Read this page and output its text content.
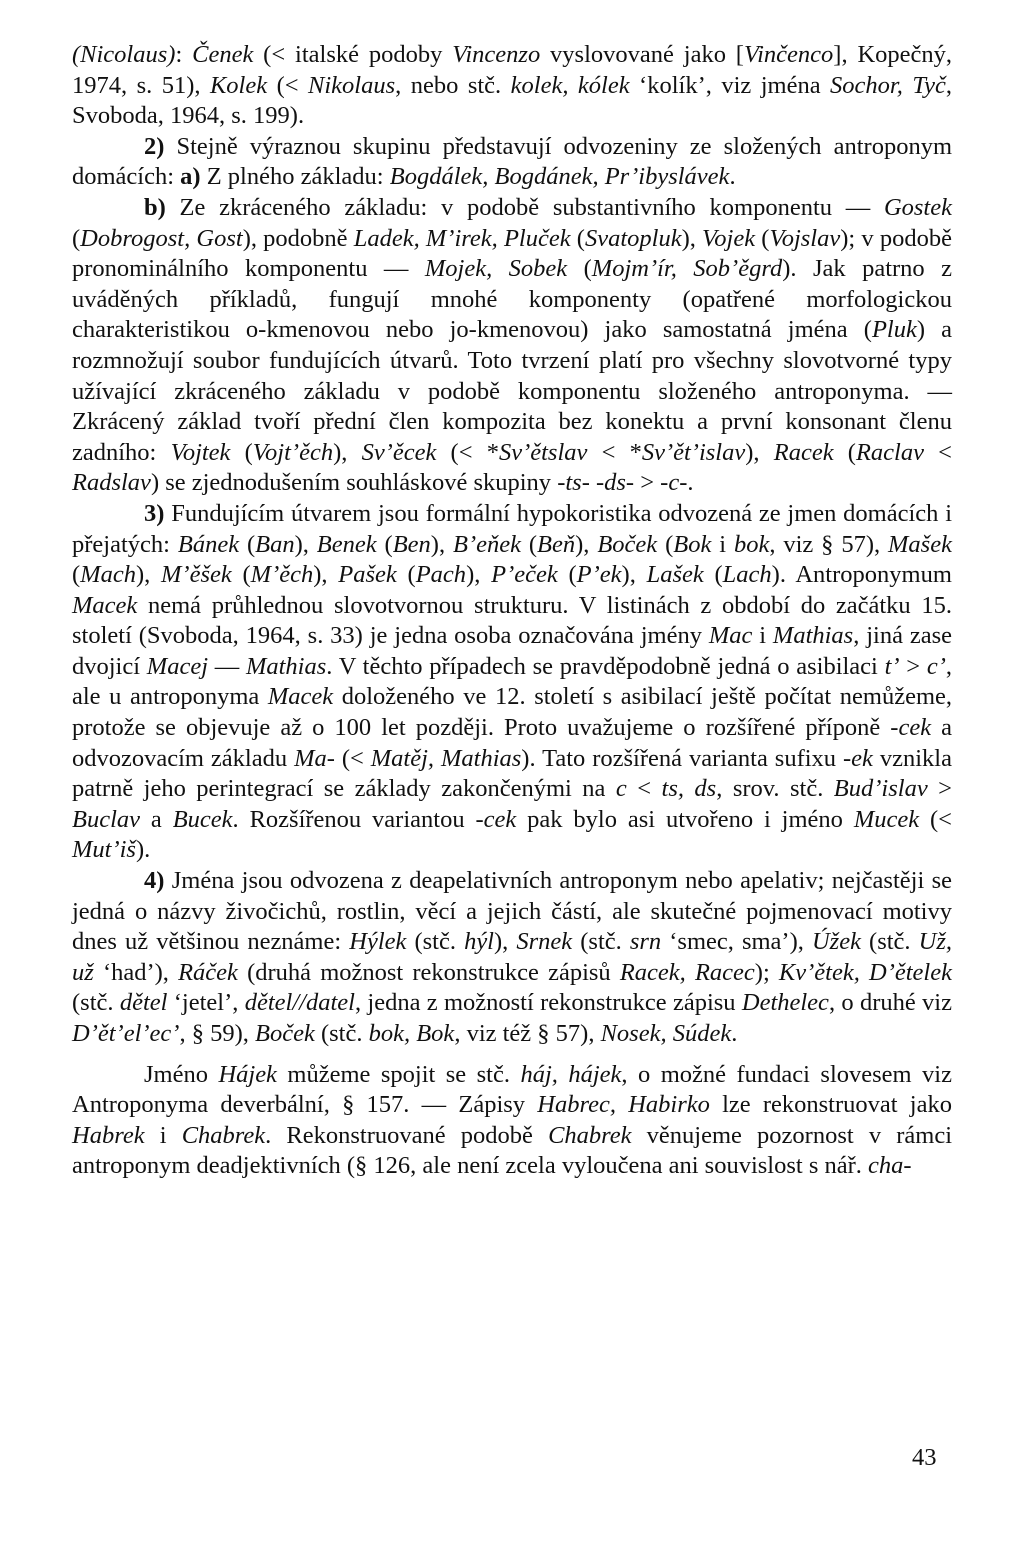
(Nicolaus): Čenek (< italské podoby Vincenzo vyslovované jako [Vinčenco], Kopečný, 1974, s. 51), Kolek (< Nikolaus, nebo stč. kolek, kólek ‘kolík’, viz jména Sochor, Tyč, Svoboda, 1964, s. 199).

2) Stejně výraznou skupinu představují odvozeniny ze složených antroponym domácích: a) Z plného základu: Bogdálek, Bogdánek, Pr’ibyslávek.

b) Ze zkráceného základu: v podobě substantivního komponentu — Gostek (Dobrogost, Gost), podobně Ladek, M’irek, Pluček (Svatopluk), Vojek (Vojslav); v podobě pronominálního komponentu — Mojek, Sobek (Mojm’ír, Sob’ěgrd). Jak patrno z uváděných příkladů, fungují mnohé komponenty (opatřené morfologickou charakteristikou o-kmenovou nebo jo-kmenovou) jako samostatná jména (Pluk) a rozmnožují soubor fundujících útvarů. Toto tvrzení platí pro všechny slovotvorné typy užívající zkráceného základu v podobě komponentu složeného antroponyma. — Zkrácený základ tvoří přední člen kompozita bez konektu a první konsonant členu zadního: Vojtek (Vojt’ěch), Sv’ěcek (< *Sv’ětslav < *Sv’ět’islav), Racek (Raclav < Radslav) se zjednodušením souhláskové skupiny -ts- -ds- > -c-.

3) Fundujícím útvarem jsou formální hypokoristika odvozená ze jmen domácích i přejatých: Bánek (Ban), Benek (Ben), B’eňek (Beň), Boček (Bok i bok, viz § 57), Mašek (Mach), M’ěšek (M’ěch), Pašek (Pach), P’eček (P’ek), Lašek (Lach). Antroponymum Macek nemá průhlednou slovotvornou strukturu. V listinách z období do začátku 15. století (Svoboda, 1964, s. 33) je jedna osoba označována jmény Mac i Mathias, jiná zase dvojicí Macej — Mathias. V těchto případech se pravděpodobně jedná o asibilaci t’ > c’, ale u antroponyma Macek doloženého ve 12. století s asibilací ještě počítat nemůžeme, protože se objevuje až o 100 let později. Proto uvažujeme o rozšířené příponě -cek a odvozovacím základu Ma- (< Matěj, Mathias). Tato rozšířená varianta sufixu -ek vznikla patrně jeho perintegrací se základy zakončenými na c < ts, ds, srov. stč. Bud’islav > Buclav a Bucek. Rozšířenou variantou -cek pak bylo asi utvořeno i jméno Mucek (< Mut’iš).

4) Jména jsou odvozena z deapelativních antroponym nebo apelativ; nejčastěji se jedná o názvy živočichů, rostlin, věcí a jejich částí, ale skutečné pojmenovací motivy dnes už většinou neznáme: Hýlek (stč. hýl), Srnek (stč. srn ‘smec, sma’), Úžek (stč. Už, už ‘had’), Ráček (druhá možnost rekonstrukce zápisů Racek, Racec); Kv’ětek, D’ětelek (stč. dětel ‘jetel’, dětel//datel, jedna z možností rekonstrukce zápisu Dethelec, o druhé viz D’ět’el’ec’, § 59), Boček (stč. bok, Bok, viz též § 57), Nosek, Súdek.

Jméno Hájek můžeme spojit se stč. háj, hájek, o možné fundaci slovesem viz Antroponyma deverbální, § 157. — Zápisy Habrec, Habirko lze rekonstruovat jako Habrek i Chabrek. Rekonstruované podobě Chabrek věnujeme pozornost v rámci antroponym deadjektivních (§ 126, ale není zcela vyloučena ani souvislost s nář. cha-

43
